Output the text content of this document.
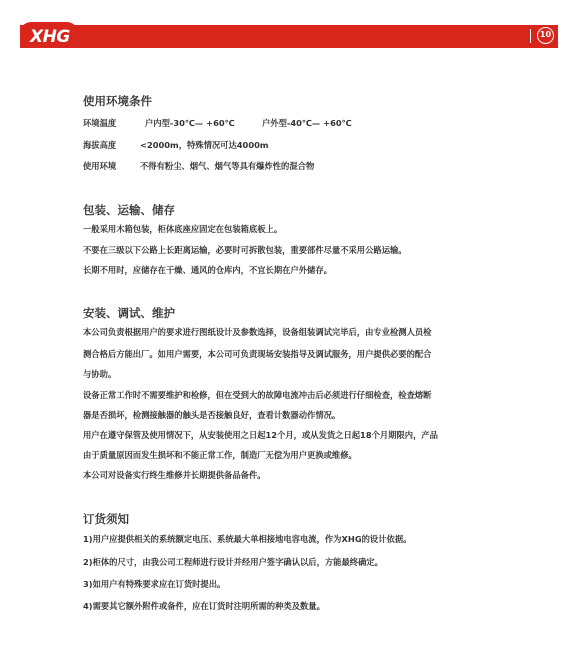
XHG	10
使用环境条件
环境温度	户内型-30℃— +60℃	户外型-40℃— +60℃
海拔高度	<2000m，特殊情况可达4000m
使用环境	不得有粉尘、烟气、烟气等具有爆炸性的混合物
包装、运输、储存
一般采用木箱包装，柜体底座应固定在包装箱底板上。
不要在三级以下公路上长距离运输，必要时可拆散包装，重要部件尽量不采用公路运输。
长期不用时，应储存在干燥、通风的仓库内，不宜长期在户外储存。
安装、调试、维护
本公司负责根据用户的要求进行图纸设计及参数选择，设备组装调试完毕后，由专业检测人员检
测合格后方能出厂。如用户需要，本公司可负责现场安装指导及调试服务，用户提供必要的配合
与协助。
设备正常工作时不需要维护和检修，但在受到大的故障电流冲击后必须进行仔细检查，检查熔断
器是否损坏，检测接触器的触头是否接触良好，查看计数器动作情况。
用户在遵守保管及使用情况下，从安装使用之日起12个月，或从发货之日起18个月期限内，产品
由于质量原因而发生损坏和不能正常工作，制造厂无偿为用户更换或维修。
本公司对设备实行终生维修并长期提供备品备件。
订货须知
1)用户应提供相关的系统额定电压、系统最大单相接地电容电流，作为XHG的设计依据。
2)柜体的尺寸，由我公司工程师进行设计并经用户签字确认以后，方能最终确定。
3)如用户有特殊要求应在订货时提出。
4)需要其它额外附件或备件，应在订货时注明所需的种类及数量。
